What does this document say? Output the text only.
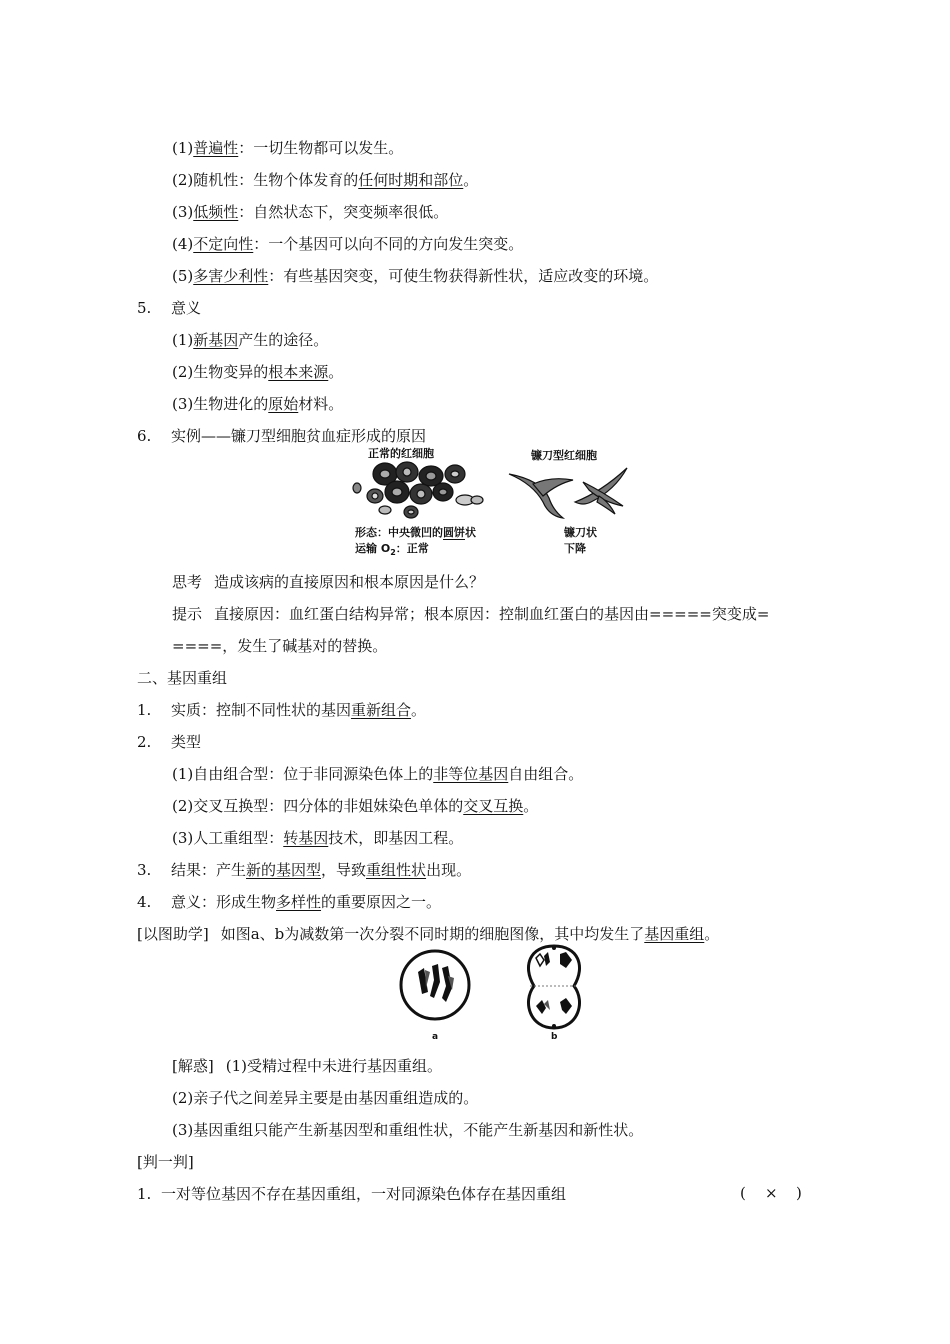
(1)普遍性：一切生物都可以发生。
(2)随机性：生物个体发育的任何时期和部位。
(3)低频性：自然状态下，突变频率很低。
(4)不定向性：一个基因可以向不同的方向发生突变。
(5)多害少利性：有些基因突变，可使生物获得新性状，适应改变的环境。
5. 意义
(1)新基因产生的途径。
(2)生物变异的根本来源。
(3)生物进化的原始材料。
6. 实例——镰刀型细胞贫血症形成的原因
正常的红细胞	镰刀型红细胞
形态：中央微凹的圆饼状
运输 $O_2$：正常
镰刀状
下降
思考 造成该病的直接原因和根本原因是什么？
提示 直接原因：血红蛋白结构异常；根本原因：控制血红蛋白的基因由=====突变成=
====，发生了碱基对的替换。
二、基因重组
1. 实质：控制不同性状的基因重新组合。
2. 类型
(1)自由组合型：位于非同源染色体上的非等位基因自由组合。
(2)交叉互换型：四分体的非姐妹染色单体的交叉互换。
(3)人工重组型：转基因技术，即基因工程。
3. 结果：产生新的基因型，导致重组性状出现。
4. 意义：形成生物多样性的重要原因之一。
[以图助学] 如图a、b为减数第一次分裂不同时期的细胞图像，其中均发生了基因重组。
a	b
[解惑] (1)受精过程中未进行基因重组。
(2)亲子代之间差异主要是由基因重组造成的。
(3)基因重组只能产生新基因型和重组性状，不能产生新基因和新性状。
[判一判]
1. 一对等位基因不存在基因重组，一对同源染色体存在基因重组	( × )
